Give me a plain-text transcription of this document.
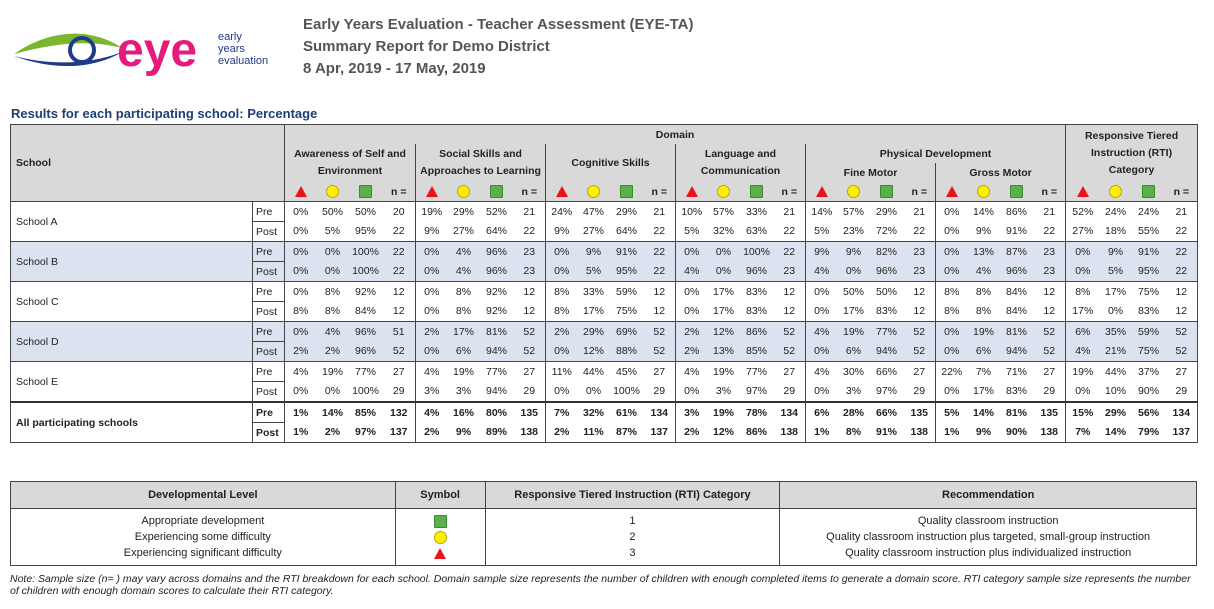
eye early
years
evaluation
Early Years Evaluation - Teacher Assessment (EYE-TA)
Summary Report for Demo District
8 Apr, 2019 - 17 May, 2019
Results for each participating school: Percentage
School		Domain																								Responsive Tiered Instruction (RTI) Category			
		Awareness of Self and Environment				Social Skills and Approaches to Learning				Cognitive Skills				Language and Communication				Physical Development											
																		Fine Motor				Gross Motor							
					n =				n =				n =				n =				n =				n =				n =
School A	Pre	0%	50%	50%	20	19%	29%	52%	21	24%	47%	29%	21	10%	57%	33%	21	14%	57%	29%	21	0%	14%	86%	21	52%	24%	24%	21
	Post	0%	5%	95%	22	9%	27%	64%	22	9%	27%	64%	22	5%	32%	63%	22	5%	23%	72%	22	0%	9%	91%	22	27%	18%	55%	22
School B	Pre	0%	0%	100%	22	0%	4%	96%	23	0%	9%	91%	22	0%	0%	100%	22	9%	9%	82%	23	0%	13%	87%	23	0%	9%	91%	22
	Post	0%	0%	100%	22	0%	4%	96%	23	0%	5%	95%	22	4%	0%	96%	23	4%	0%	96%	23	0%	4%	96%	23	0%	5%	95%	22
School C	Pre	0%	8%	92%	12	0%	8%	92%	12	8%	33%	59%	12	0%	17%	83%	12	0%	50%	50%	12	8%	8%	84%	12	8%	17%	75%	12
	Post	8%	8%	84%	12	0%	8%	92%	12	8%	17%	75%	12	0%	17%	83%	12	0%	17%	83%	12	8%	8%	84%	12	17%	0%	83%	12
School D	Pre	0%	4%	96%	51	2%	17%	81%	52	2%	29%	69%	52	2%	12%	86%	52	4%	19%	77%	52	0%	19%	81%	52	6%	35%	59%	52
	Post	2%	2%	96%	52	0%	6%	94%	52	0%	12%	88%	52	2%	13%	85%	52	0%	6%	94%	52	0%	6%	94%	52	4%	21%	75%	52
School E	Pre	4%	19%	77%	27	4%	19%	77%	27	11%	44%	45%	27	4%	19%	77%	27	4%	30%	66%	27	22%	7%	71%	27	19%	44%	37%	27
	Post	0%	0%	100%	29	3%	3%	94%	29	0%	0%	100%	29	0%	3%	97%	29	0%	3%	97%	29	0%	17%	83%	29	0%	10%	90%	29
All participating schools	Pre	1%	14%	85%	132	4%	16%	80%	135	7%	32%	61%	134	3%	19%	78%	134	6%	28%	66%	135	5%	14%	81%	135	15%	29%	56%	134
	Post	1%	2%	97%	137	2%	9%	89%	138	2%	11%	87%	137	2%	12%	86%	138	1%	8%	91%	138	1%	9%	90%	138	7%	14%	79%	137
Developmental Level	Symbol	Responsive Tiered Instruction (RTI) Category	Recommendation
Appropriate development		1	Quality classroom instruction
Experiencing some difficulty		2	Quality classroom instruction plus targeted, small-group instruction
Experiencing significant difficulty		3	Quality classroom instruction plus individualized instruction
Note: Sample size (n= ) may vary across domains and the RTI breakdown for each school. Domain sample size represents the number of children with enough completed items to generate a domain score. RTI category sample size represents the number of children with enough domain scores to calculate their RTI category.
